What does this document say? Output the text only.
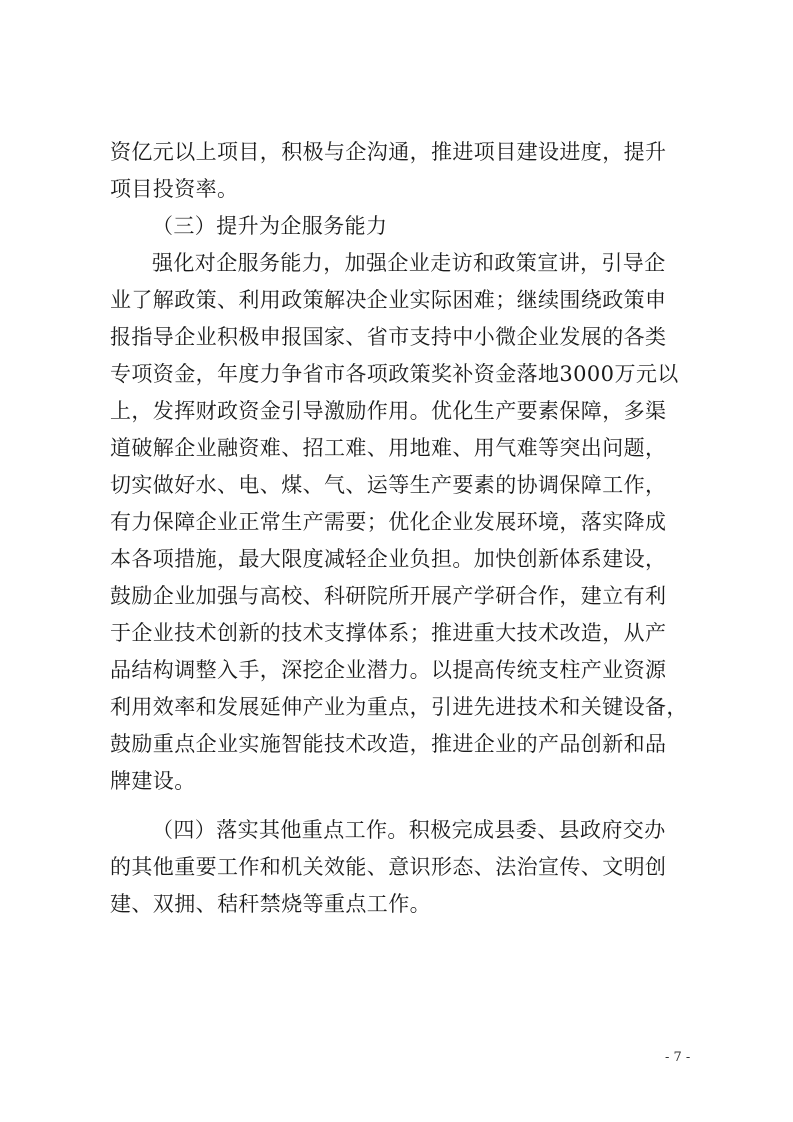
资亿元以上项目，积极与企沟通，推进项目建设进度，提升
项目投资率。
（三）提升为企服务能力
强化对企服务能力，加强企业走访和政策宣讲，引导企
业了解政策、利用政策解决企业实际困难；继续围绕政策申
报指导企业积极申报国家、省市支持中小微企业发展的各类
专项资金，年度力争省市各项政策奖补资金落地3000万元以
上，发挥财政资金引导激励作用。优化生产要素保障，多渠
道破解企业融资难、招工难、用地难、用气难等突出问题，
切实做好水、电、煤、气、运等生产要素的协调保障工作，
有力保障企业正常生产需要；优化企业发展环境，落实降成
本各项措施，最大限度减轻企业负担。加快创新体系建设，
鼓励企业加强与高校、科研院所开展产学研合作，建立有利
于企业技术创新的技术支撑体系；推进重大技术改造，从产
品结构调整入手，深挖企业潜力。以提高传统支柱产业资源
利用效率和发展延伸产业为重点，引进先进技术和关键设备，
鼓励重点企业实施智能技术改造，推进企业的产品创新和品
牌建设。
（四）落实其他重点工作。积极完成县委、县政府交办
的其他重要工作和机关效能、意识形态、法治宣传、文明创
建、双拥、秸秆禁烧等重点工作。
- 7 -
